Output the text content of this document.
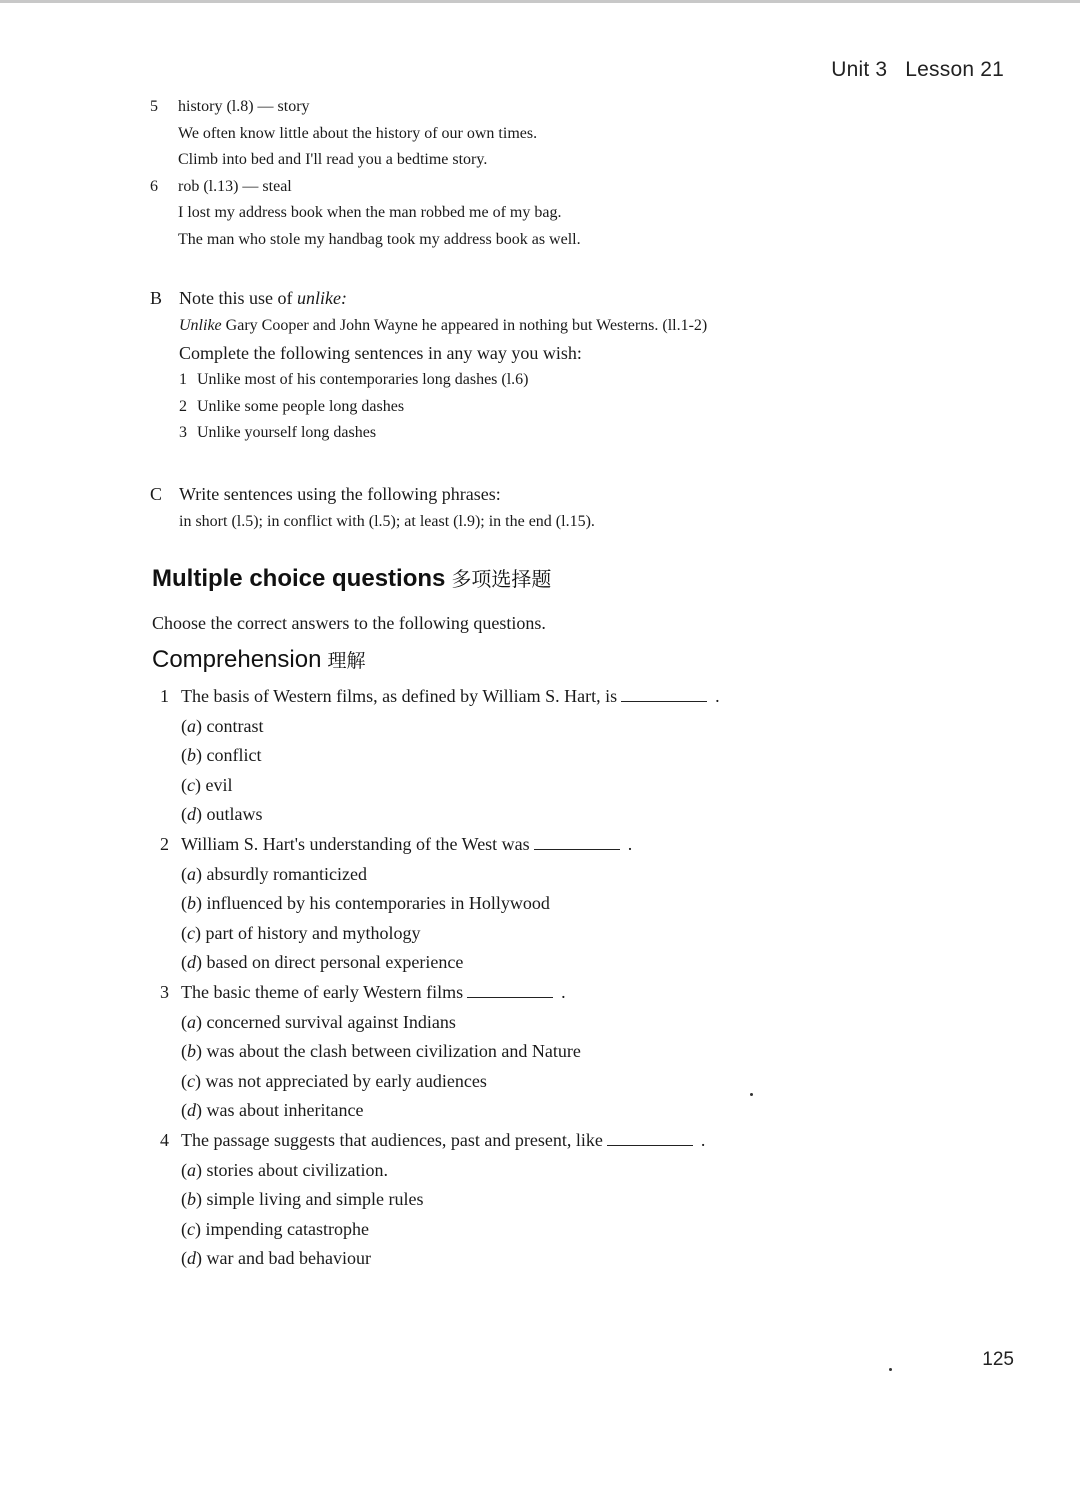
Unit 3 Lesson 21
5 history (l.8) — story
We often know little about the history of our own times.
Climb into bed and I'll read you a bedtime story.
6 rob (l.13) — steal
I lost my address book when the man robbed me of my bag.
The man who stole my handbag took my address book as well.
B Note this use of unlike:
Unlike Gary Cooper and John Wayne he appeared in nothing but Westerns. (ll.1-2)
Complete the following sentences in any way you wish:
1 Unlike most of his contemporaries long dashes (l.6)
2 Unlike some people long dashes
3 Unlike yourself long dashes
C Write sentences using the following phrases:
in short (l.5); in conflict with (l.5); at least (l.9); in the end (l.15).
Multiple choice questions 多项选择题
Choose the correct answers to the following questions.
Comprehension 理解
1 The basis of Western films, as defined by William S. Hart, is	.
(a) contrast
(b) conflict
(c) evil
(d) outlaws
2 William S. Hart's understanding of the West was	.
(a) absurdly romanticized
(b) influenced by his contemporaries in Hollywood
(c) part of history and mythology
(d) based on direct personal experience
3 The basic theme of early Western films	.
(a) concerned survival against Indians
(b) was about the clash between civilization and Nature
(c) was not appreciated by early audiences
(d) was about inheritance
4 The passage suggests that audiences, past and present, like	.
(a) stories about civilization.
(b) simple living and simple rules
(c) impending catastrophe
(d) war and bad behaviour
125
